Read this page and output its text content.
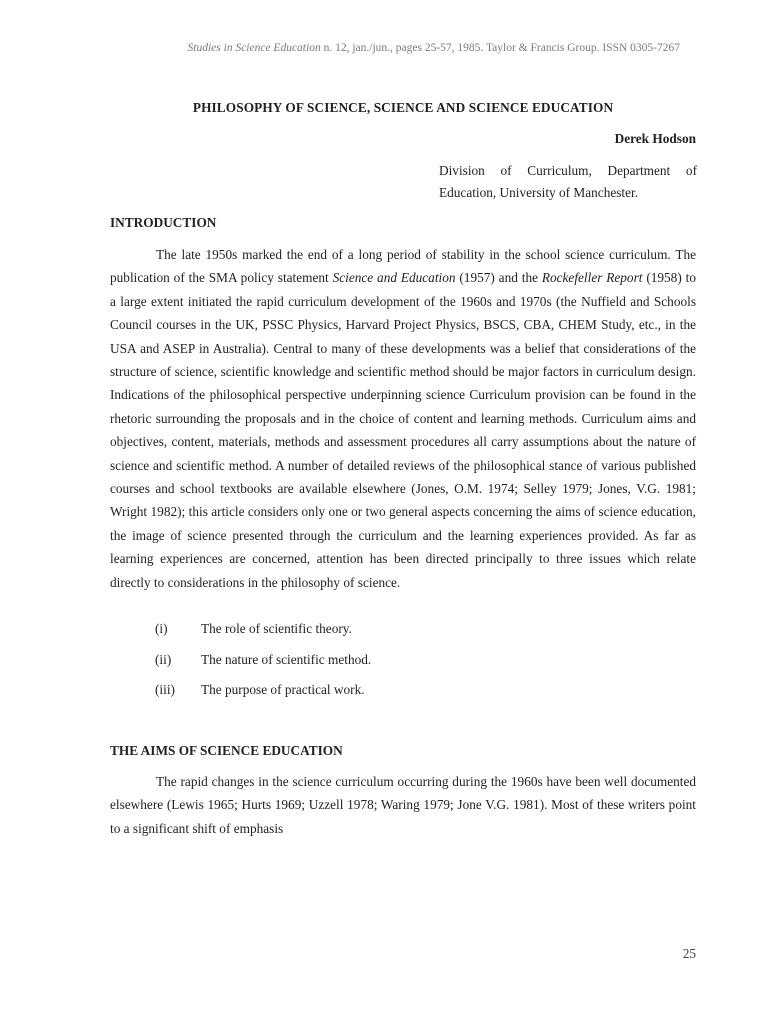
Studies in Science Education n. 12, jan./jun., pages 25-57, 1985. Taylor & Francis Group. ISSN 0305-7267
PHILOSOPHY OF SCIENCE, SCIENCE AND SCIENCE EDUCATION
Derek Hodson
Division of Curriculum, Department of Education, University of Manchester.
INTRODUCTION

The late 1950s marked the end of a long period of stability in the school science curriculum. The publication of the SMA policy statement Science and Education (1957) and the Rockefeller Report (1958) to a large extent initiated the rapid curriculum development of the 1960s and 1970s (the Nuffield and Schools Council courses in the UK, PSSC Physics, Harvard Project Physics, BSCS, CBA, CHEM Study, etc., in the USA and ASEP in Australia). Central to many of these developments was a belief that considerations of the structure of science, scientific knowledge and scientific method should be major factors in curriculum design. Indications of the philosophical perspective underpinning science Curriculum provision can be found in the rhetoric surrounding the proposals and in the choice of content and learning methods. Curriculum aims and objectives, content, materials, methods and assessment procedures all carry assumptions about the nature of science and scientific method. A number of detailed reviews of the philosophical stance of various published courses and school textbooks are available elsewhere (Jones, O.M. 1974; Selley 1979; Jones, V.G. 1981; Wright 1982); this article considers only one or two general aspects concerning the aims of science education, the image of science presented through the curriculum and the learning experiences provided. As far as learning experiences are concerned, attention has been directed principally to three issues which relate directly to considerations in the philosophy of science.

(i)	The role of scientific theory.
(ii) The nature of scientific method.
(iii) The purpose of practical work.
THE AIMS OF SCIENCE EDUCATION

The rapid changes in the science curriculum occurring during the 1960s have been well documented elsewhere (Lewis 1965; Hurts 1969; Uzzell 1978; Waring 1979; Jone V.G. 1981). Most of these writers point to a significant shift of emphasis

25
